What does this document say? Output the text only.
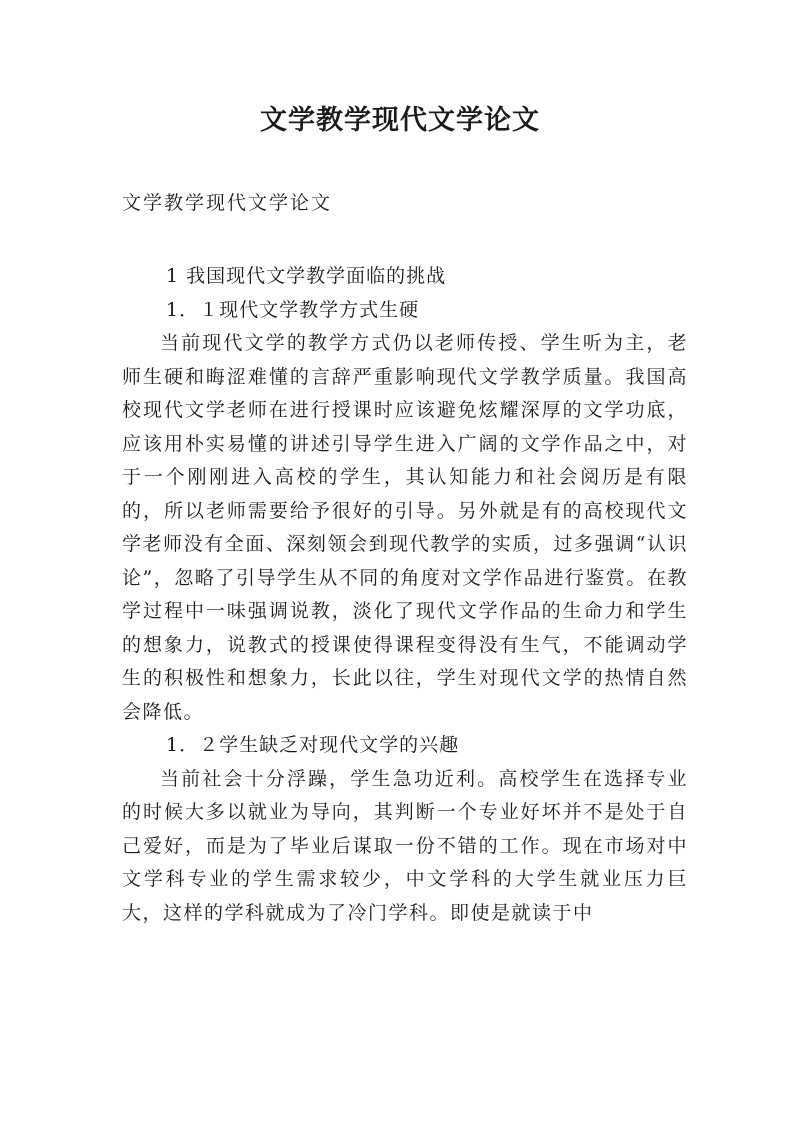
文学教学现代文学论文

文学教学现代文学论文

1 我国现代文学教学面临的挑战

1．１现代文学教学方式生硬

当前现代文学的教学方式仍以老师传授、学生听为主，老师生硬和晦涩难懂的言辞严重影响现代文学教学质量。我国高校现代文学老师在进行授课时应该避免炫耀深厚的文学功底，应该用朴实易懂的讲述引导学生进入广阔的文学作品之中，对于一个刚刚进入高校的学生，其认知能力和社会阅历是有限的，所以老师需要给予很好的引导。另外就是有的高校现代文学老师没有全面、深刻领会到现代教学的实质，过多强调“认识论”，忽略了引导学生从不同的角度对文学作品进行鉴赏。在教学过程中一味强调说教，淡化了现代文学作品的生命力和学生的想象力，说教式的授课使得课程变得没有生气，不能调动学生的积极性和想象力，长此以往，学生对现代文学的热情自然会降低。

1．２学生缺乏对现代文学的兴趣

当前社会十分浮躁，学生急功近利。高校学生在选择专业的时候大多以就业为导向，其判断一个专业好坏并不是处于自己爱好，而是为了毕业后谋取一份不错的工作。现在市场对中文学科专业的学生需求较少，中文学科的大学生就业压力巨大，这样的学科就成为了冷门学科。即使是就读于中
